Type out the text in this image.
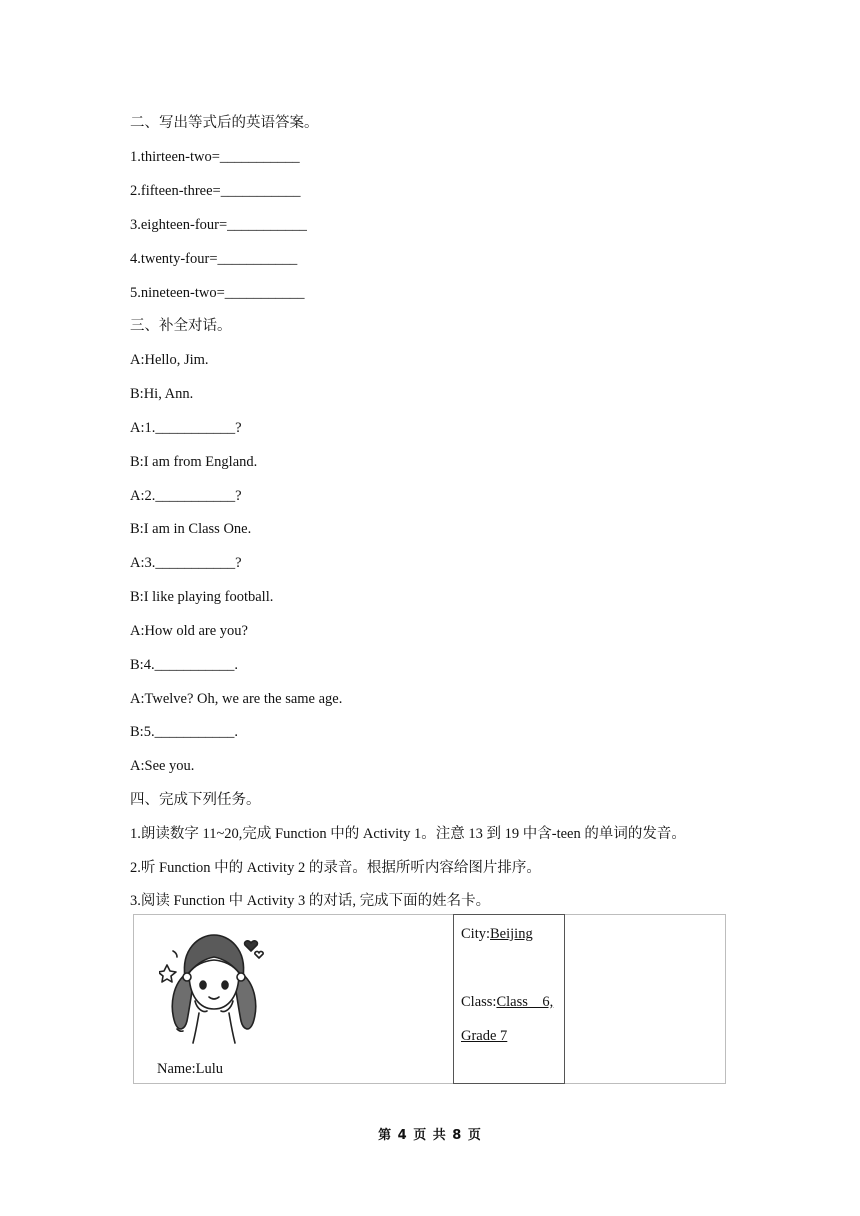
二、写出等式后的英语答案。
1.thirteen-two=___________
2.fifteen-three=___________
3.eighteen-four=___________
4.twenty-four=___________
5.nineteen-two=___________
三、补全对话。
A:Hello, Jim.
B:Hi, Ann.
A:1.___________?
B:I am from England.
A:2.___________?
B:I am in Class One.
A:3.___________?
B:I like playing football.
A:How old are you?
B:4.___________.
A:Twelve? Oh, we are the same age.
B:5.___________.
A:See you.
四、完成下列任务。
1.朗读数字 11~20,完成 Function 中的 Activity 1。注意 13 到 19 中含-teen 的单词的发音。
2.听 Function 中的 Activity 2 的录音。根据所听内容给图片排序。
3.阅读 Function 中 Activity 3 的对话, 完成下面的姓名卡。
Name:Lulu
City:Beijing
Class:Class    6,
Grade 7
第 4 页 共 8 页
